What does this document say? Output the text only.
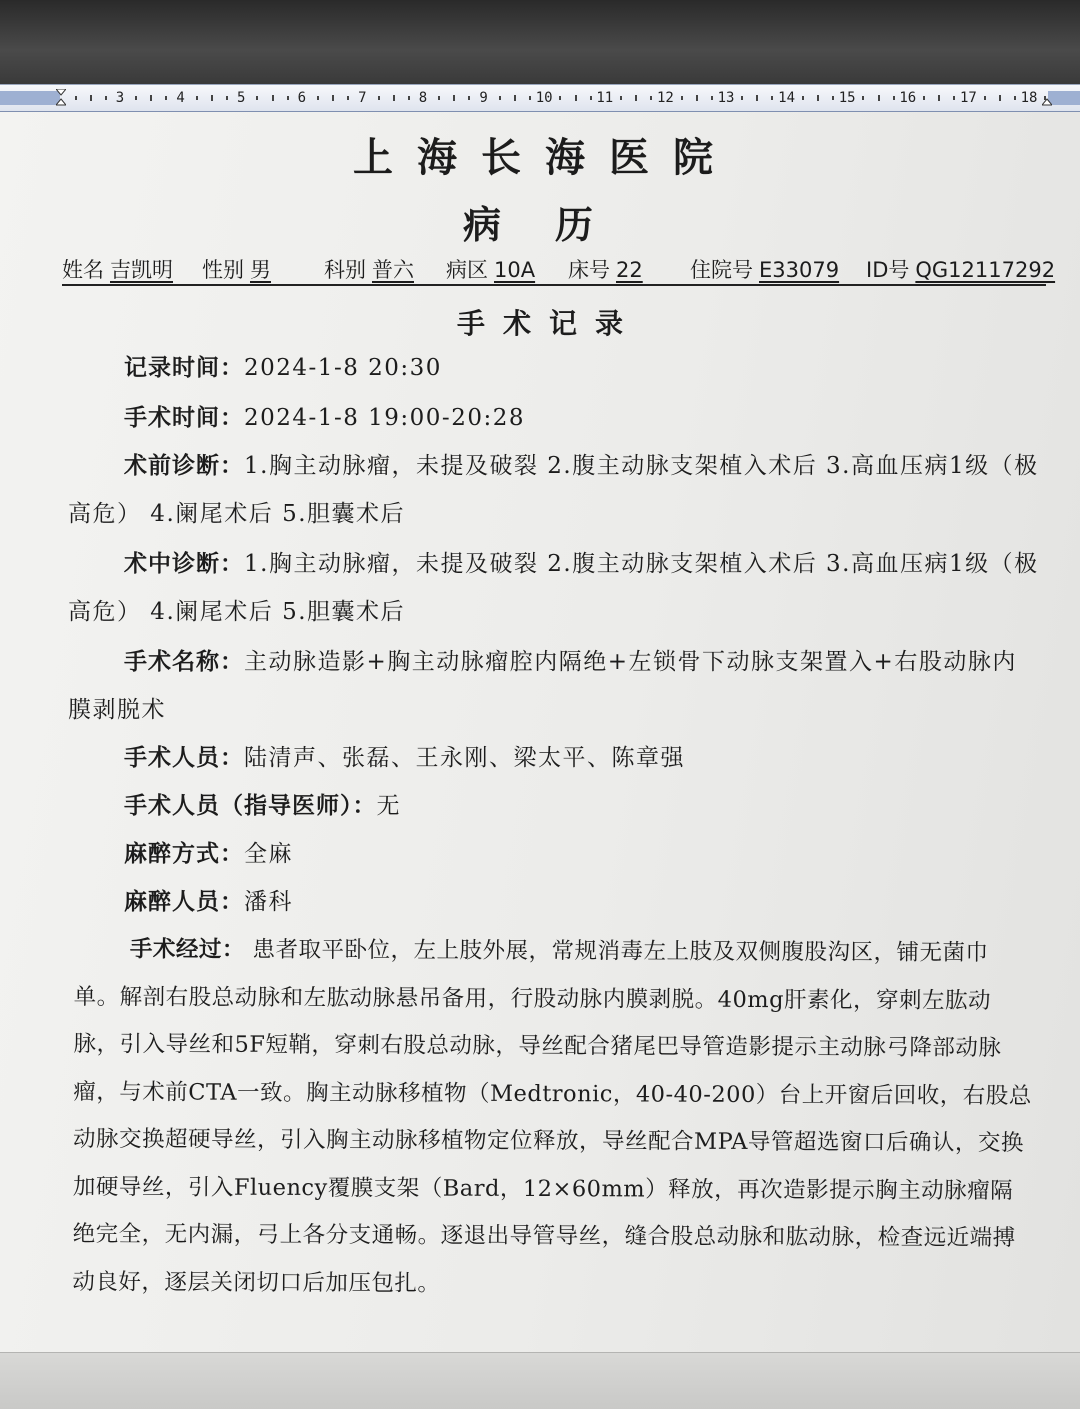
3	4	5	6	7	8	9	10	11	12	13	14	15	16	17	18
上海长海医院
病历
姓名 吉凯明 性别 男	科别 普六 病区 10A 床号 22 住院号 E33079 ID号 QG12117292
手术记录
记录时间：2024-1-8 20:30
手术时间：2024-1-8 19:00-20:28
术前诊断：1.胸主动脉瘤，未提及破裂 2.腹主动脉支架植入术后 3.高血压病1级（极高危） 4.阑尾术后 5.胆囊术后
术中诊断：1.胸主动脉瘤，未提及破裂 2.腹主动脉支架植入术后 3.高血压病1级（极高危） 4.阑尾术后 5.胆囊术后
手术名称：主动脉造影+胸主动脉瘤腔内隔绝+左锁骨下动脉支架置入+右股动脉内膜剥脱术
手术人员：陆清声、张磊、王永刚、梁太平、陈章强
手术人员（指导医师）：无
麻醉方式：全麻
麻醉人员：潘科
手术经过： 患者取平卧位，左上肢外展，常规消毒左上肢及双侧腹股沟区，铺无菌巾单。解剖右股总动脉和左肱动脉悬吊备用，行股动脉内膜剥脱。40mg肝素化，穿刺左肱动脉，引入导丝和5F短鞘，穿刺右股总动脉，导丝配合猪尾巴导管造影提示主动脉弓降部动脉瘤，与术前CTA一致。胸主动脉移植物（Medtronic，40-40-200）台上开窗后回收，右股总动脉交换超硬导丝，引入胸主动脉移植物定位释放，导丝配合MPA导管超选窗口后确认，交换加硬导丝，引入Fluency覆膜支架（Bard，12×60mm）释放，再次造影提示胸主动脉瘤隔绝完全，无内漏，弓上各分支通畅。逐退出导管导丝，缝合股总动脉和肱动脉，检查远近端搏动良好，逐层关闭切口后加压包扎。
